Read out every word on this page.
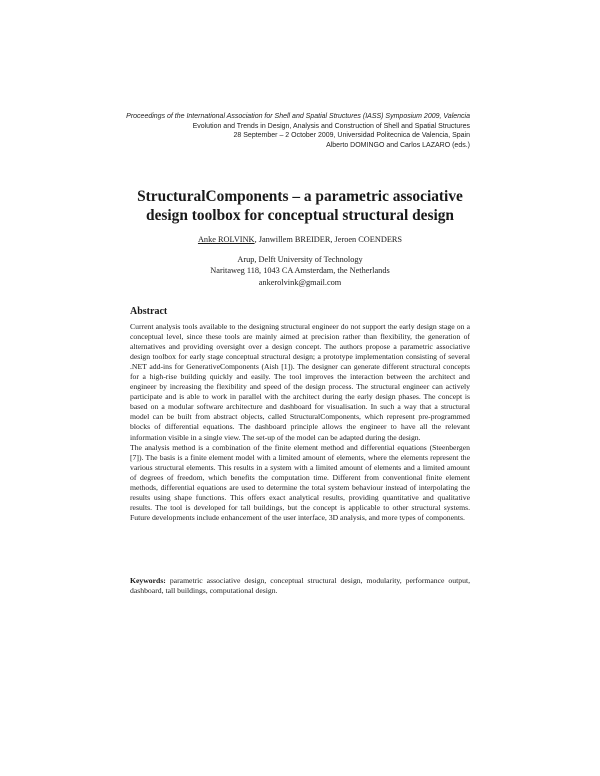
Proceedings of the International Association for Shell and Spatial Structures (IASS) Symposium 2009, Valencia
Evolution and Trends in Design, Analysis and Construction of Shell and Spatial Structures
28 September – 2 October 2009, Universidad Politecnica de Valencia, Spain
Alberto DOMINGO and Carlos LAZARO (eds.)
StructuralComponents – a parametric associative
design toolbox for conceptual structural design
Anke ROLVINK, Janwillem BREIDER, Jeroen COENDERS
Arup, Delft University of Technology
Naritaweg 118, 1043 CA Amsterdam, the Netherlands
ankerolvink@gmail.com
Abstract

Current analysis tools available to the designing structural engineer do not support the early design stage on a conceptual level, since these tools are mainly aimed at precision rather than flexibility, the generation of alternatives and providing oversight over a design concept. The authors propose a parametric associative design toolbox for early stage conceptual structural design; a prototype implementation consisting of several .NET add-ins for GenerativeComponents (Aish [1]). The designer can generate different structural concepts for a high-rise building quickly and easily. The tool improves the interaction between the architect and engineer by increasing the flexibility and speed of the design process. The structural engineer can actively participate and is able to work in parallel with the architect during the early design phases. The concept is based on a modular software architecture and dashboard for visualisation. In such a way that a structural model can be built from abstract objects, called StructuralComponents, which represent pre-programmed blocks of differential equations. The dashboard principle allows the engineer to have all the relevant information visible in a single view. The set-up of the model can be adapted during the design.

The analysis method is a combination of the finite element method and differential equations (Steenbergen [7]). The basis is a finite element model with a limited amount of elements, where the elements represent the various structural elements. This results in a system with a limited amount of elements and a limited amount of degrees of freedom, which benefits the computation time. Different from conventional finite element methods, differential equations are used to determine the total system behaviour instead of interpolating the results using shape functions. This offers exact analytical results, providing quantitative and qualitative results. The tool is developed for tall buildings, but the concept is applicable to other structural systems. Future developments include enhancement of the user interface, 3D analysis, and more types of components.

Keywords: parametric associative design, conceptual structural design, modularity, performance output, dashboard, tall buildings, computational design.
